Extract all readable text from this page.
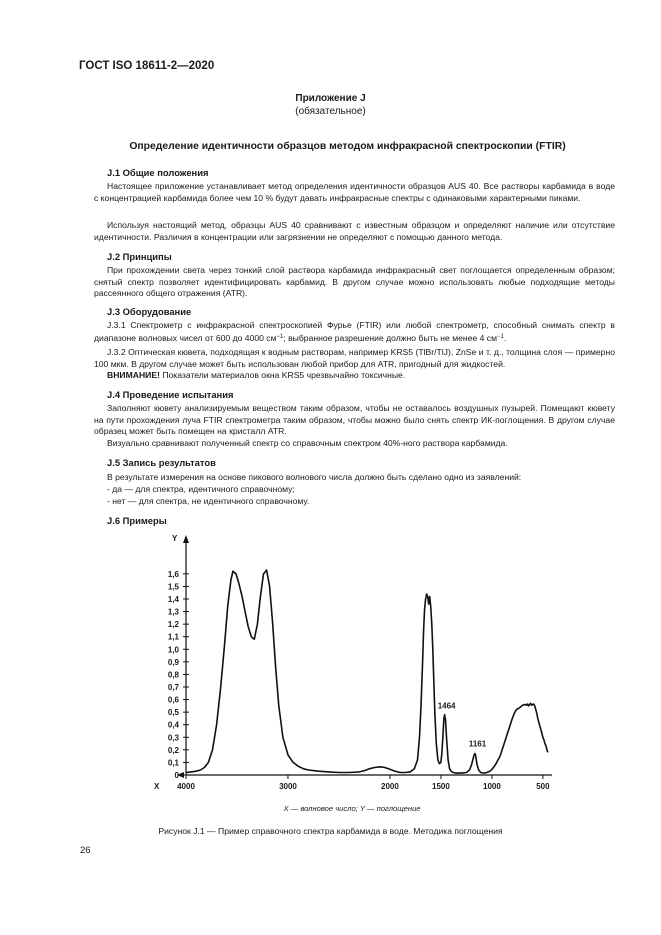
ГОСТ ISO 18611-2—2020
Приложение J
(обязательное)
Определение идентичности образцов методом инфракрасной спектроскопии (FTIR)
J.1 Общие положения
Настоящее приложение устанавливает метод определения идентичности образцов AUS 40. Все растворы карбамида в воде с концентрацией карбамида более чем 10 % будут давать инфракрасные спектры с одинаковыми характерными пиками.
Используя настоящий метод, образцы AUS 40 сравнивают с известным образцом и определяют наличие или отсутствие идентичности. Различия в концентрации или загрязнении не определяют с помощью данного метода.
J.2 Принципы
При прохождении света через тонкий слой раствора карбамида инфракрасный свет поглощается определенным образом; снятый спектр позволяет идентифицировать карбамид. В другом случае можно использовать любые подходящие методы рассеянного общего отражения (ATR).
J.3 Оборудование
J.3.1 Спектрометр с инфракрасной спектроскопией Фурье (FTIR) или любой спектрометр, способный снимать спектр в диапазоне волновых чисел от 600 до 4000 $см^{-1}$; выбранное разрешение должно быть не менее 4 $см^{-1}$.
J.3.2 Оптическая кювета, подходящая к водным растворам, например KRS5 (TlBr/TlJ), ZnSe и т. д., толщина слоя — примерно 100 мкм. В другом случае может быть использован любой прибор для ATR, пригодный для жидкостей.
ВНИМАНИЕ! Показатели материалов окна KRS5 чрезвычайно токсичные.
J.4 Проведение испытания
Заполняют кювету анализируемым веществом таким образом, чтобы не оставалось воздушных пузырей. Помещают кювету на пути прохождения луча FTIR спектрометра таким образом, чтобы можно было снять спектр ИК-поглощения. В другом случае образец может быть помещен на кристалл ATR.
Визуально сравнивают полученный спектр со справочным спектром 40%-ного раствора карбамида.
J.5 Запись результатов
В результате измерения на основе пикового волнового числа должно быть сделано одно из заявлений:
- да — для спектра, идентичного справочному;
- нет — для спектра, не идентичного справочному.
J.6 Примеры
0
0,1
0,2
0,3
0,4
0,5
0,6
0,7
0,8
0,9
1,0
1,1
1,2
1,3
1,4
1,5
1,6
4000	3000	2000	1500	1000	500
1464
1161
X
Y
X — волновое число; Y — поглощение
Рисунок J.1 — Пример справочного спектра карбамида в воде. Методика поглощения
26
